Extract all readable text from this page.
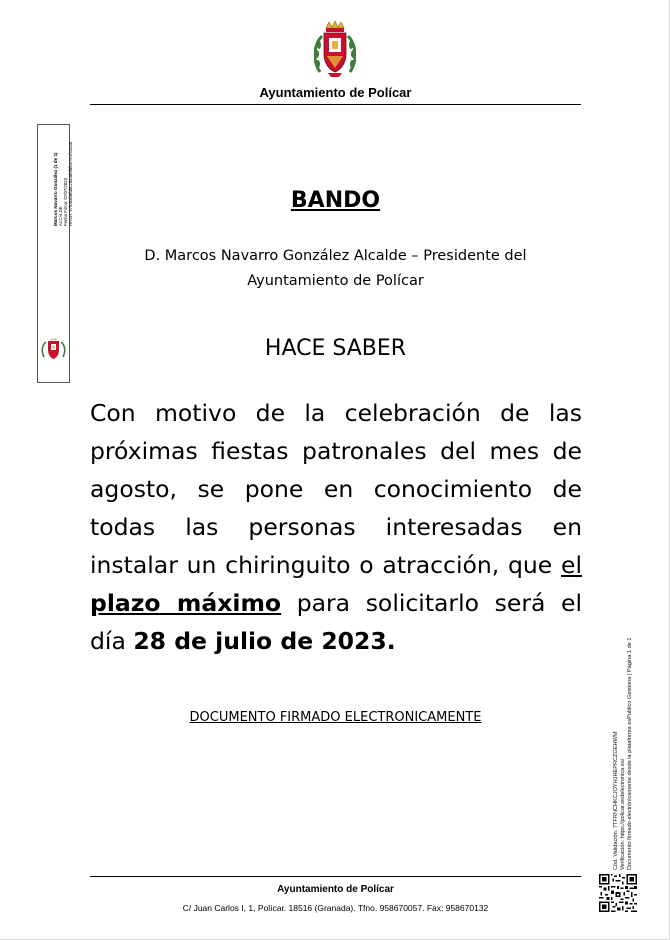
Ayuntamiento de Polícar
Marcos Navarro González (1 de 1) ALCALDE Fecha Firma: 07/07/2023 HASH: 97f05ab8fd0c2b44d6f8fce7e1f92c05	BANDO
D. Marcos Navarro González Alcalde – Presidente del Ayuntamiento de Polícar
HACE SABER
Con motivo de la celebración de las próximas fiestas patronales del mes de agosto, se pone en conocimiento de todas las personas interesadas en instalar un chiringuito o atracción, que el plazo máximo para solicitarlo será el día 28 de julio de 2023.
DOCUMENTO FIRMADO ELECTRONICAMENTE
Cód. Validación: 7TFRNCHKCJOYHJHEPRCZGEHWM Verificación: https://policar.sedelectronica.es/ Documento firmado electrónicamente desde la plataforma esPublico Gestiona | Página 1 de 1
Ayuntamiento de Polícar
C/ Juan Carlos I, 1, Polícar. 18516 (Granada). Tfno. 958670057. Fax: 958670132
